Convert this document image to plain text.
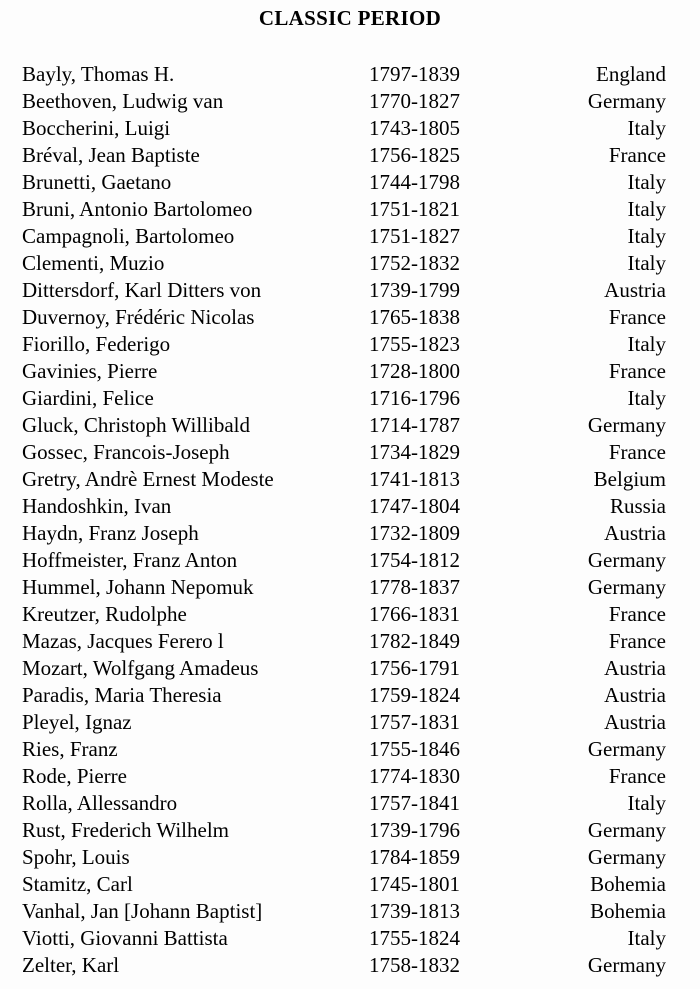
CLASSIC PERIOD
Bayly, Thomas H.	1797-1839	England
Beethoven, Ludwig van	1770-1827	Germany
Boccherini, Luigi	1743-1805	Italy
Bréval, Jean Baptiste	1756-1825	France
Brunetti, Gaetano	1744-1798	Italy
Bruni, Antonio Bartolomeo	1751-1821	Italy
Campagnoli, Bartolomeo	1751-1827	Italy
Clementi, Muzio	1752-1832	Italy
Dittersdorf, Karl Ditters von	1739-1799	Austria
Duvernoy, Frédéric Nicolas	1765-1838	France
Fiorillo, Federigo	1755-1823	Italy
Gavinies, Pierre	1728-1800	France
Giardini, Felice	1716-1796	Italy
Gluck, Christoph Willibald	1714-1787	Germany
Gossec, Francois-Joseph	1734-1829	France
Gretry, Andrè Ernest Modeste	1741-1813	Belgium
Handoshkin, Ivan	1747-1804	Russia
Haydn, Franz Joseph	1732-1809	Austria
Hoffmeister, Franz Anton	1754-1812	Germany
Hummel, Johann Nepomuk	1778-1837	Germany
Kreutzer, Rudolphe	1766-1831	France
Mazas, Jacques Ferero l	1782-1849	France
Mozart, Wolfgang Amadeus	1756-1791	Austria
Paradis, Maria Theresia	1759-1824	Austria
Pleyel, Ignaz	1757-1831	Austria
Ries, Franz	1755-1846	Germany
Rode, Pierre	1774-1830	France
Rolla, Allessandro	1757-1841	Italy
Rust, Frederich Wilhelm	1739-1796	Germany
Spohr, Louis	1784-1859	Germany
Stamitz, Carl	1745-1801	Bohemia
Vanhal, Jan [Johann Baptist]	1739-1813	Bohemia
Viotti, Giovanni Battista	1755-1824	Italy
Zelter, Karl	1758-1832	Germany
